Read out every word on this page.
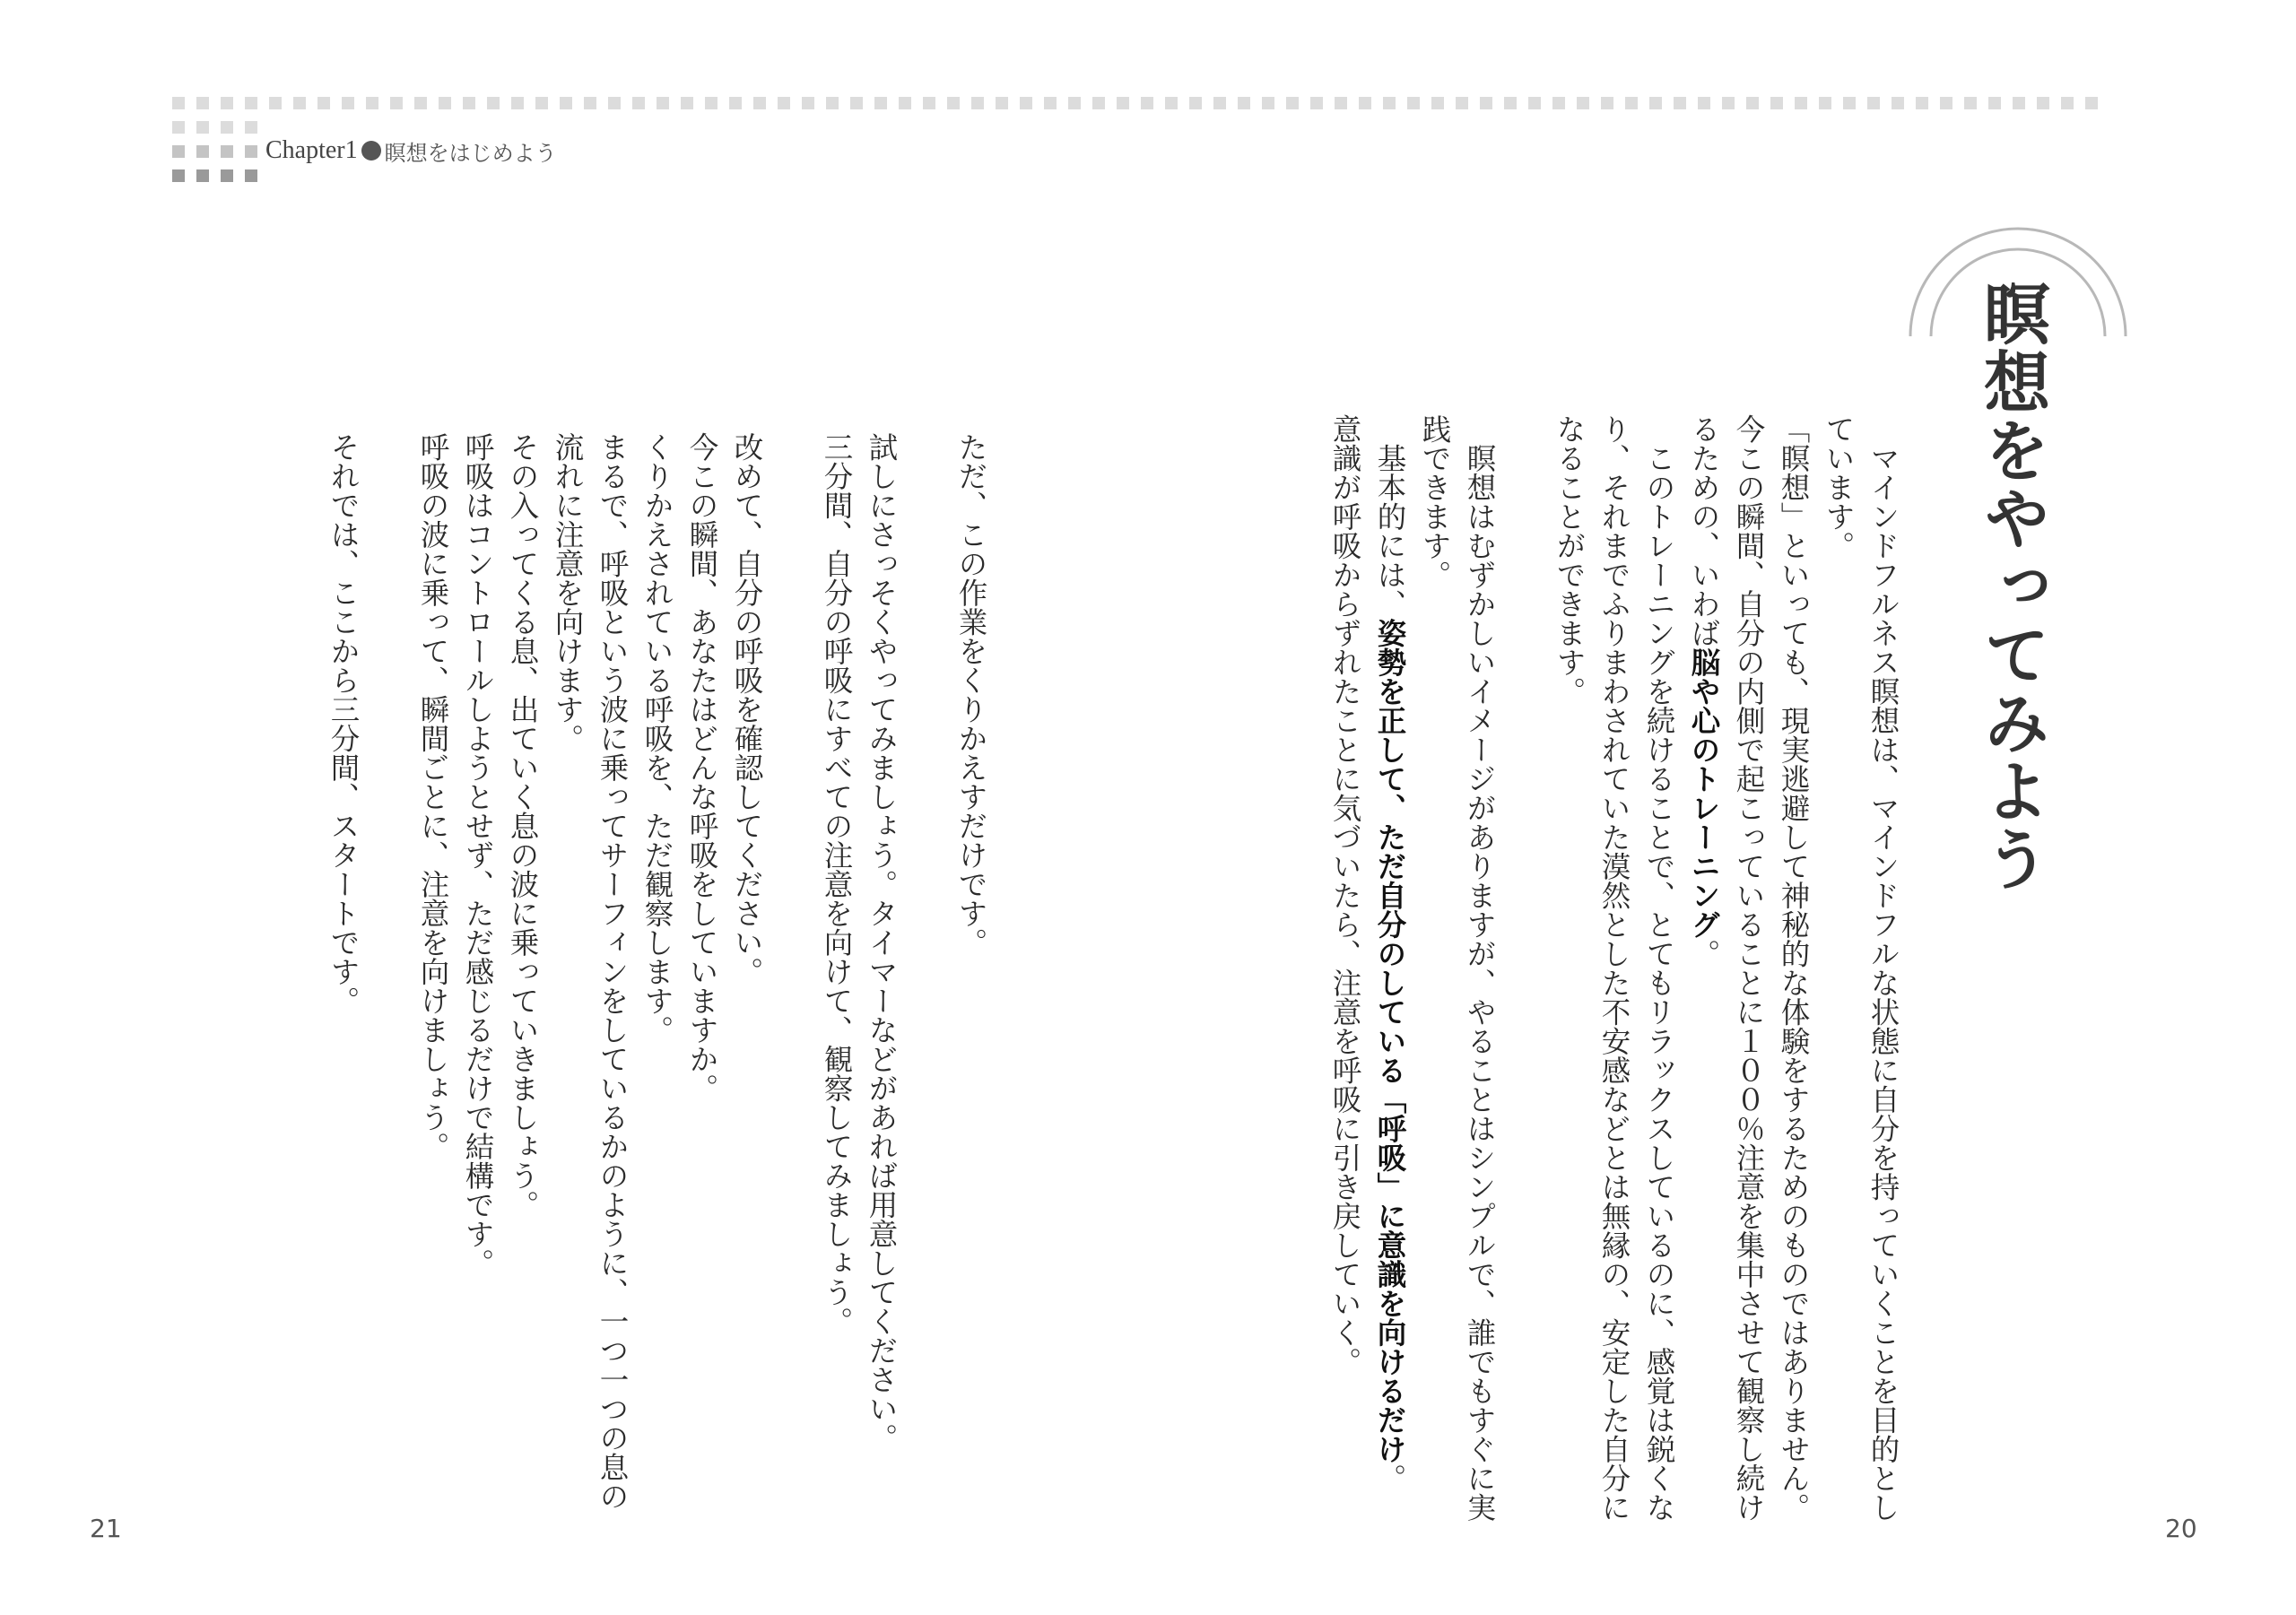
Chapter1 瞑想をはじめよう
瞑想をやってみよう
　マインドフルネス瞑想は、マインドフルな状態に自分を持っていくことを目的とし
ています。
「瞑想」といっても、現実逃避して神秘的な体験をするためのものではありません。
今この瞬間、自分の内側で起こっていることに１００％注意を集中させて観察し続け
るための、いわば脳や心のトレーニング。
　このトレーニングを続けることで、とてもリラックスしているのに、感覚は鋭くな
り、それまでふりまわされていた漠然とした不安感などとは無縁の、安定した自分に
なることができます。

　瞑想はむずかしいイメージがありますが、やることはシンプルで、誰でもすぐに実
践できます。
　基本的には、姿勢を正して、ただ自分のしている「呼吸」に意識を向けるだけ。
意識が呼吸からずれたことに気づいたら、注意を呼吸に引き戻していく。
ただ、この作業をくりかえすだけです。

試しにさっそくやってみましょう。タイマーなどがあれば用意してください。
三分間、自分の呼吸にすべての注意を向けて、観察してみましょう。

改めて、自分の呼吸を確認してください。
今この瞬間、あなたはどんな呼吸をしていますか。
くりかえされている呼吸を、ただ観察します。
まるで、呼吸という波に乗ってサーフィンをしているかのように、一つ一つの息の
流れに注意を向けます。
その入ってくる息、出ていく息の波に乗っていきましょう。
呼吸はコントロールしようとせず、ただ感じるだけで結構です。
呼吸の波に乗って、瞬間ごとに、注意を向けましょう。

それでは、ここから三分間、スタートです。
21	20
